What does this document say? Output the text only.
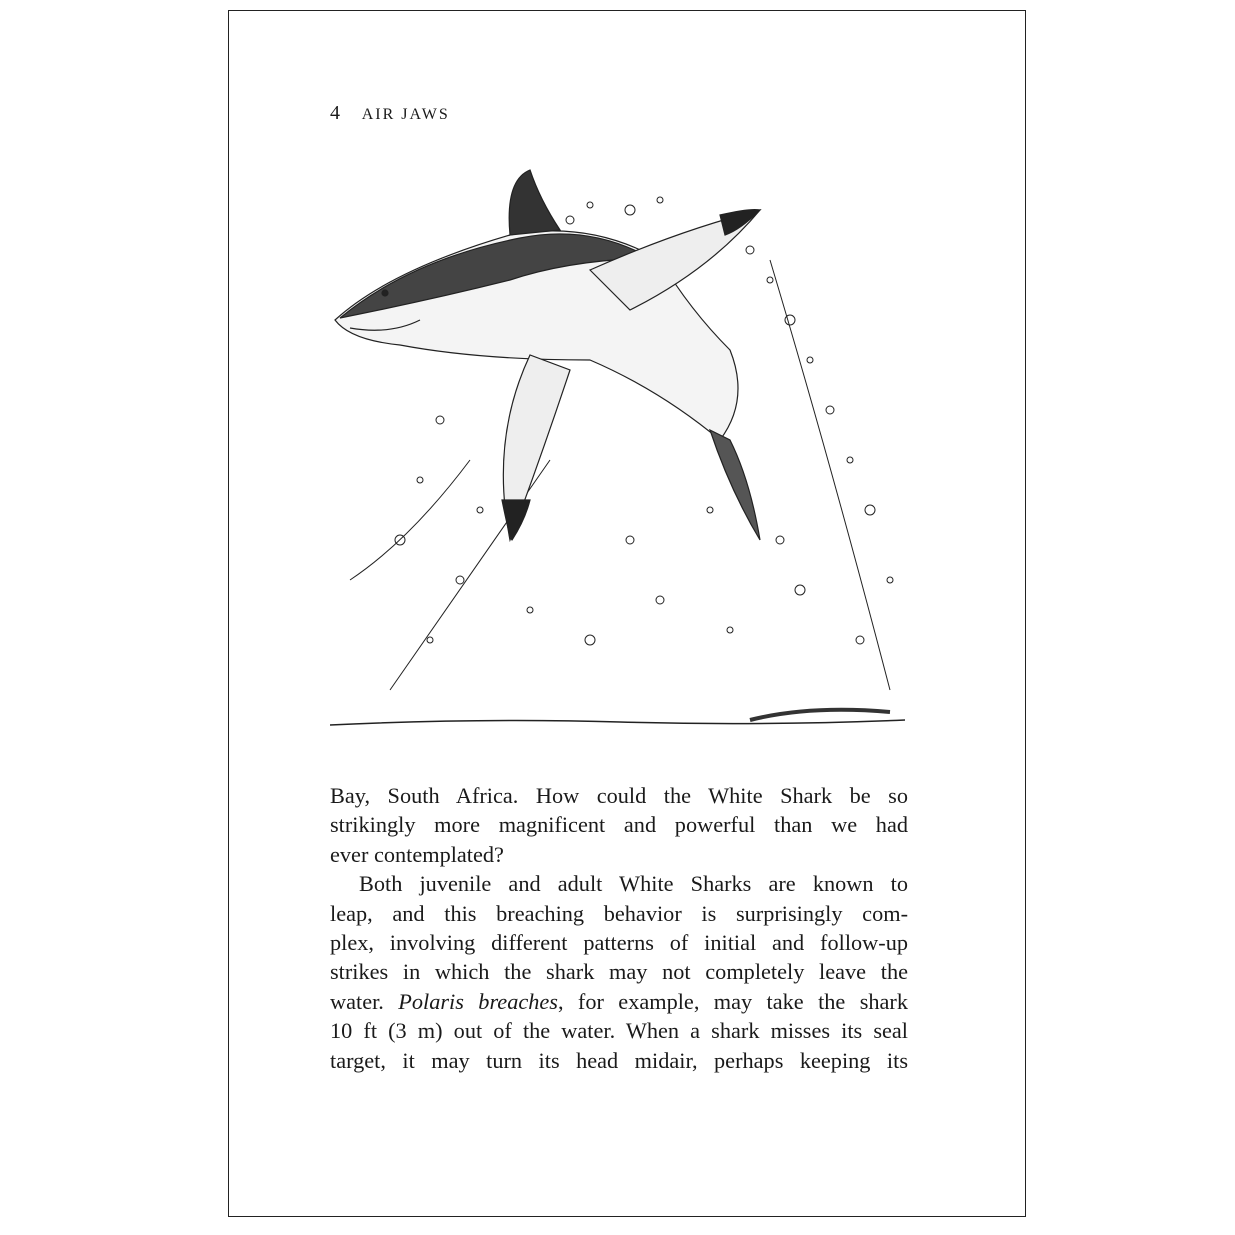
4 AIR JAWS
Bay, South Africa. How could the White Shark be so
strikingly more magnificent and powerful than we had
ever contemplated?
Both juvenile and adult White Sharks are known to
leap, and this breaching behavior is surprisingly com-
plex, involving different patterns of initial and follow-up
strikes in which the shark may not completely leave the
water. Polaris breaches, for example, may take the shark
10 ft (3 m) out of the water. When a shark misses its seal
target, it may turn its head midair, perhaps keeping its
